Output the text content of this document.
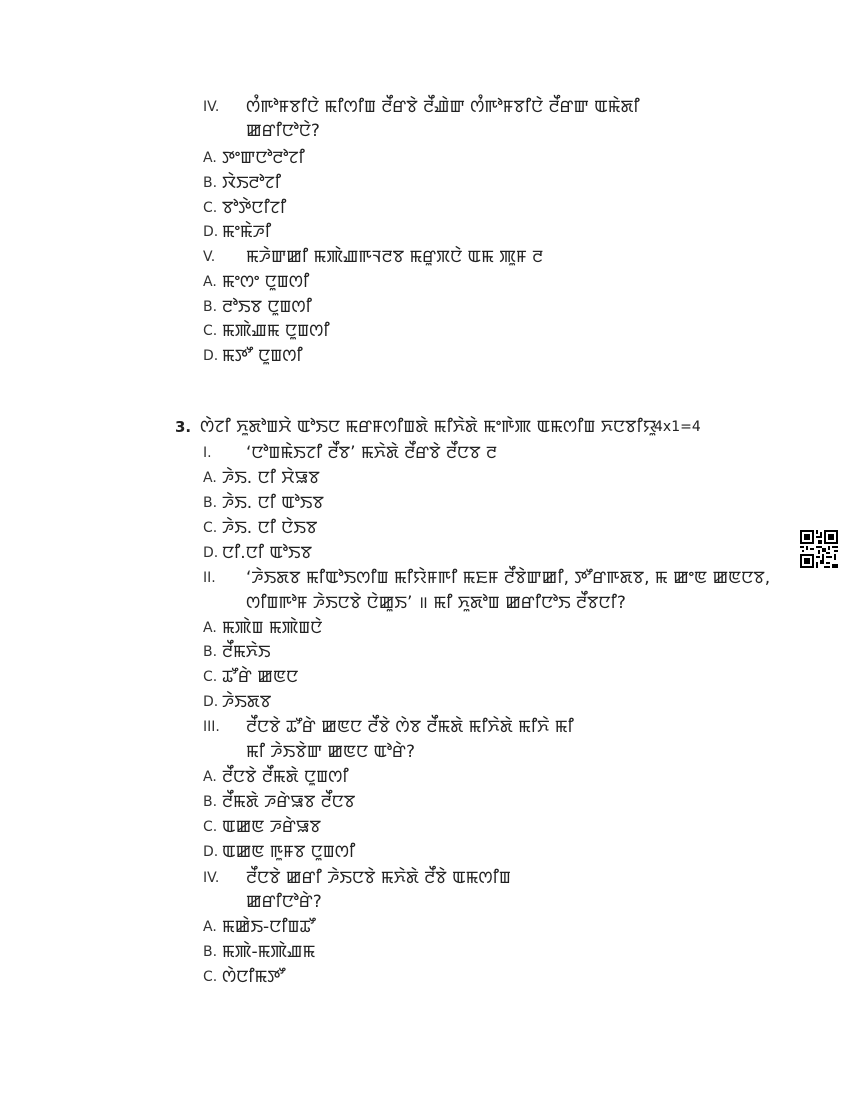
IV. ꯁꯪꯒꯣꯝꯕꯤꯅꯥ ꯃꯤꯁꯤꯡ ꯂꯩꯔꯕꯥ ꯂꯩꯉꯥꯛ ꯁꯪꯒꯣꯝꯕꯤꯅꯥ ꯂꯩꯔꯛ ꯑꯃꯥꯗꯤ
ꯀꯔꯤꯅꯣꯅꯥ?
A. ꯇꯦꯛꯅꯣꯂꯣꯖꯤ
B. ꯋꯥꯏꯂꯣꯖꯤ
C. ꯕꯣꯇꯥꯅꯤꯖꯤ
D. ꯃꯦꯃꯥꯍꯤ
V. ꯃꯍꯥꯛꯀꯤ ꯃꯄꯥꯉꯒꯜꯂꯕ ꯃꯔꯨꯞꯅꯥ ꯑꯃ ꯄꯨꯝ ꯂ
A. ꯃꯦꯁꯦ ꯅꯨꯡꯁꯤ
B. ꯂꯣꯏꯕ ꯅꯨꯡꯁꯤ
C. ꯃꯄꯥꯉꯃ ꯅꯨꯡꯁꯤ
D. ꯃꯇꯧ ꯅꯨꯡꯁꯤ
3. ꯁꯥꯖꯤ ꯈꯨꯗꯣꯡꯆꯥ ꯑꯣꯏꯅ ꯃꯔꯝꯁꯤꯡꯗꯥ ꯃꯤꯈꯥꯗꯥ ꯃꯦꯒꯥꯄ ꯑꯃꯁꯤꯡ ꯈꯅꯕꯤꯌꯨ
4x1=4
I. ‘ꯅꯣꯡꯃꯥꯏꯖꯤ ꯂꯩꯕ’ ꯃꯈꯥꯗꯥ ꯂꯩꯔꯕꯥ ꯂꯩꯅꯕ ꯂ
A. ꯍꯥꯏ. ꯅꯤ ꯆꯥꯎꯕ
B. ꯍꯥꯏ. ꯅꯤ ꯑꯣꯏꯕ
C. ꯍꯥꯏ. ꯅꯤ ꯅꯥꯏꯕ
D. ꯅꯤ.ꯅꯤ ꯑꯣꯏꯕ
II. ‘ꯍꯥꯏꯗꯕ ꯃꯤꯑꯣꯏꯁꯤꯡ ꯃꯤꯌꯥꯝꯒꯤ ꯃꯐꯝ ꯂꯩꯕꯥꯛꯀꯤ, ꯇꯧꯔꯒꯗꯕ, ꯃ ꯀꯦꯟ ꯀꯟꯅꯕ,
ꯁꯤꯡꯒꯣꯝ ꯍꯥꯏꯅꯕꯥ ꯅꯥꯀꯨꯏ’ ॥ ꯃꯤ ꯈꯨꯗꯣꯡ ꯀꯔꯤꯅꯣꯏ ꯂꯩꯕꯅꯤ?
A. ꯃꯄꯥꯡ ꯃꯄꯥꯡꯅꯥ
B. ꯂꯩꯃꯈꯥꯏ
C. ꯊꯧꯔꯥ ꯀꯟꯅ
D. ꯍꯥꯏꯗꯕ
III. ꯂꯩꯅꯕꯥ ꯊꯧꯔꯥ ꯀꯟꯅ ꯂꯩꯕꯥ ꯁꯥꯕ ꯂꯩꯃꯗꯥ ꯃꯤꯈꯥꯗꯥ ꯃꯤꯈꯥ ꯃꯤ
ꯃꯤ ꯍꯥꯏꯕꯥꯛ ꯀꯟꯅ ꯑꯣꯔꯥ?
A. ꯂꯩꯅꯕꯥ ꯂꯩꯃꯗꯥ ꯅꯨꯡꯁꯤ
B. ꯂꯩꯃꯗꯥ ꯍꯔꯥꯎꯕ ꯂꯩꯅꯕ
C. ꯑꯀꯟ ꯍꯔꯥꯎꯕ
D. ꯑꯀꯟ ꯒꯨꯝꯕ ꯅꯨꯡꯁꯤ
IV. ꯂꯩꯅꯕꯥ ꯀꯔꯤ ꯍꯥꯏꯅꯕꯥ ꯃꯈꯥꯗꯥ ꯂꯩꯕꯥ ꯑꯃꯁꯤꯡ
ꯀꯔꯤꯅꯣꯔꯥ?
A. ꯃꯀꯥꯏ-ꯅꯤꯡꯊꯧ
B. ꯃꯄꯥ-ꯃꯄꯥꯉꯃ
C. ꯁꯥꯅꯤꯃꯇꯧ
